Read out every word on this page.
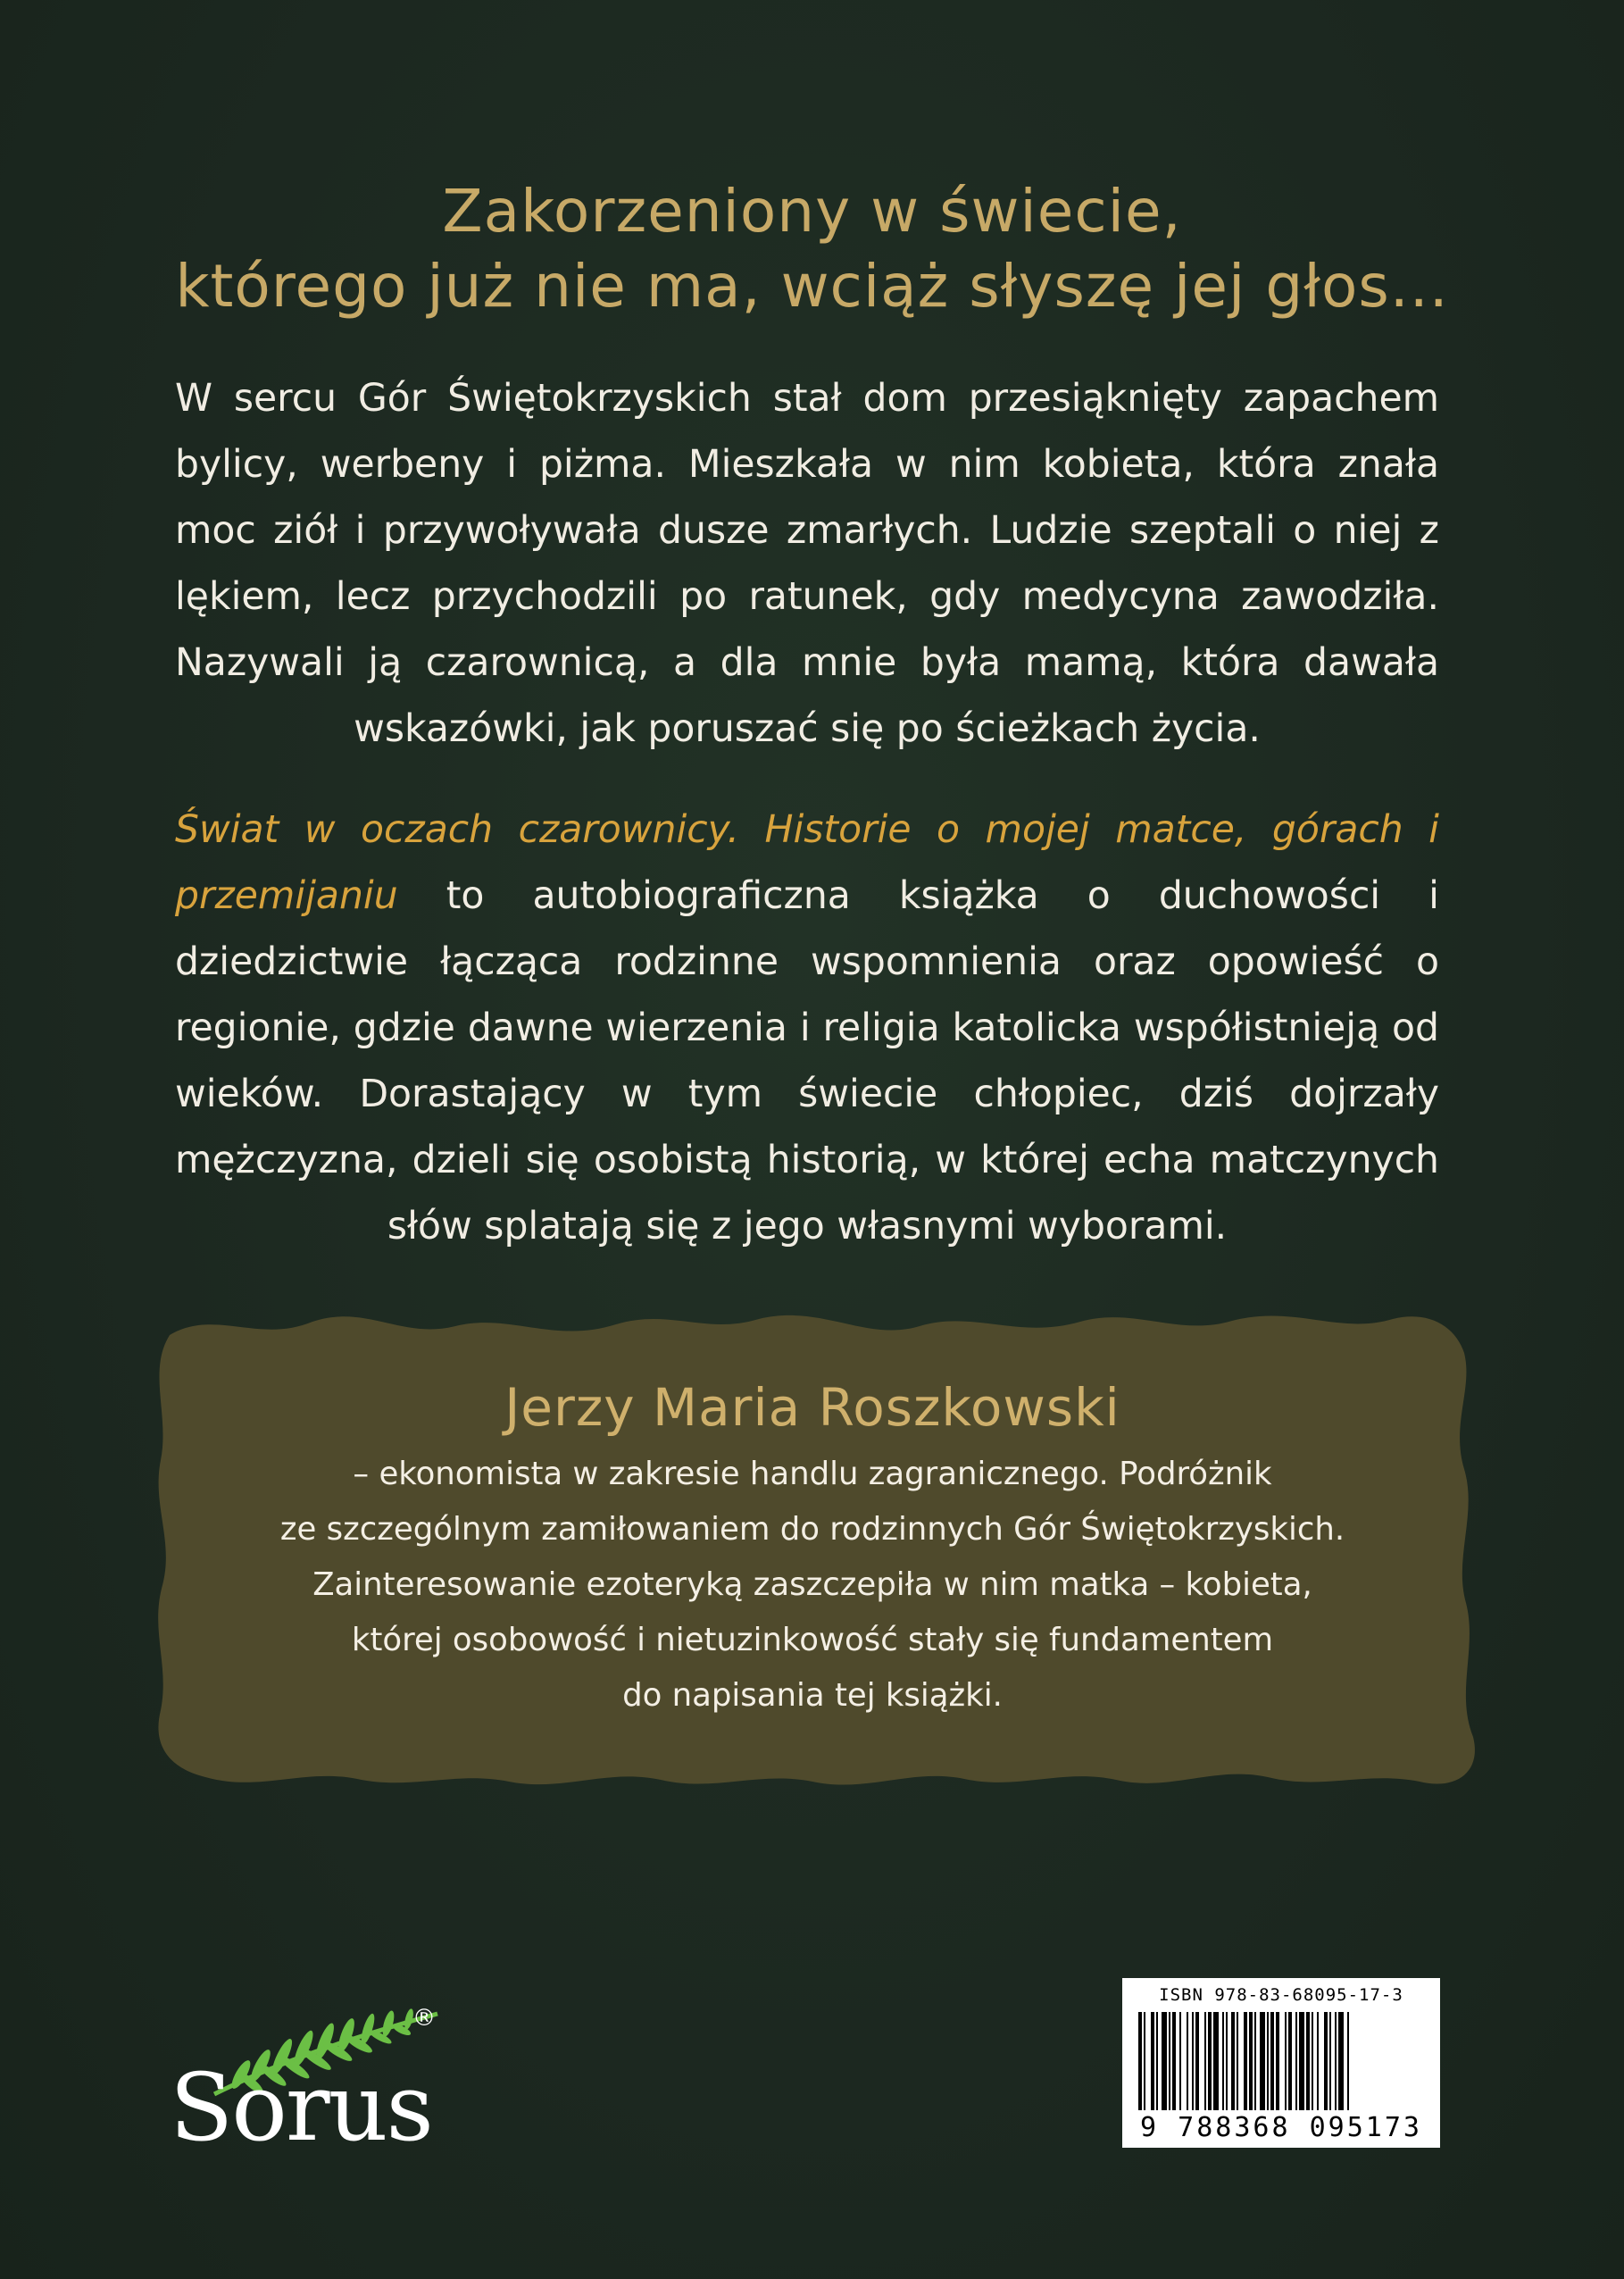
Zakorzeniony w świecie,
którego już nie ma, wciąż słyszę jej głos...
W sercu Gór Świętokrzyskich stał dom przesiąknięty zapachem bylicy, werbeny i piżma. Mieszkała w nim kobieta, która znała moc ziół i przywoływała dusze zmarłych. Ludzie szeptali o niej z lękiem, lecz przychodzili po ratunek, gdy medycyna zawodziła. Nazywali ją czarownicą, a dla mnie była mamą, która dawała wskazówki, jak poruszać się po ścieżkach życia.
Świat w oczach czarownicy. Historie o mojej matce, górach i przemijaniu to autobiograficzna książka o duchowości i dziedzictwie łącząca rodzinne wspomnienia oraz opowieść o regionie, gdzie dawne wierzenia i religia katolicka współistnieją od wieków. Dorastający w tym świecie chłopiec, dziś dojrzały mężczyzna, dzieli się osobistą historią, w której echa matczynych słów splatają się z jego własnymi wyborami.
Jerzy Maria Roszkowski
– ekonomista w zakresie handlu zagranicznego. Podróżnik
ze szczególnym zamiłowaniem do rodzinnych Gór Świętokrzyskich.
Zainteresowanie ezoteryką zaszczepiła w nim matka – kobieta,
której osobowość i nietuzinkowość stały się fundamentem
do napisania tej książki.
Sorus
®
ISBN 978-83-68095-17-3
9 788368 095173
